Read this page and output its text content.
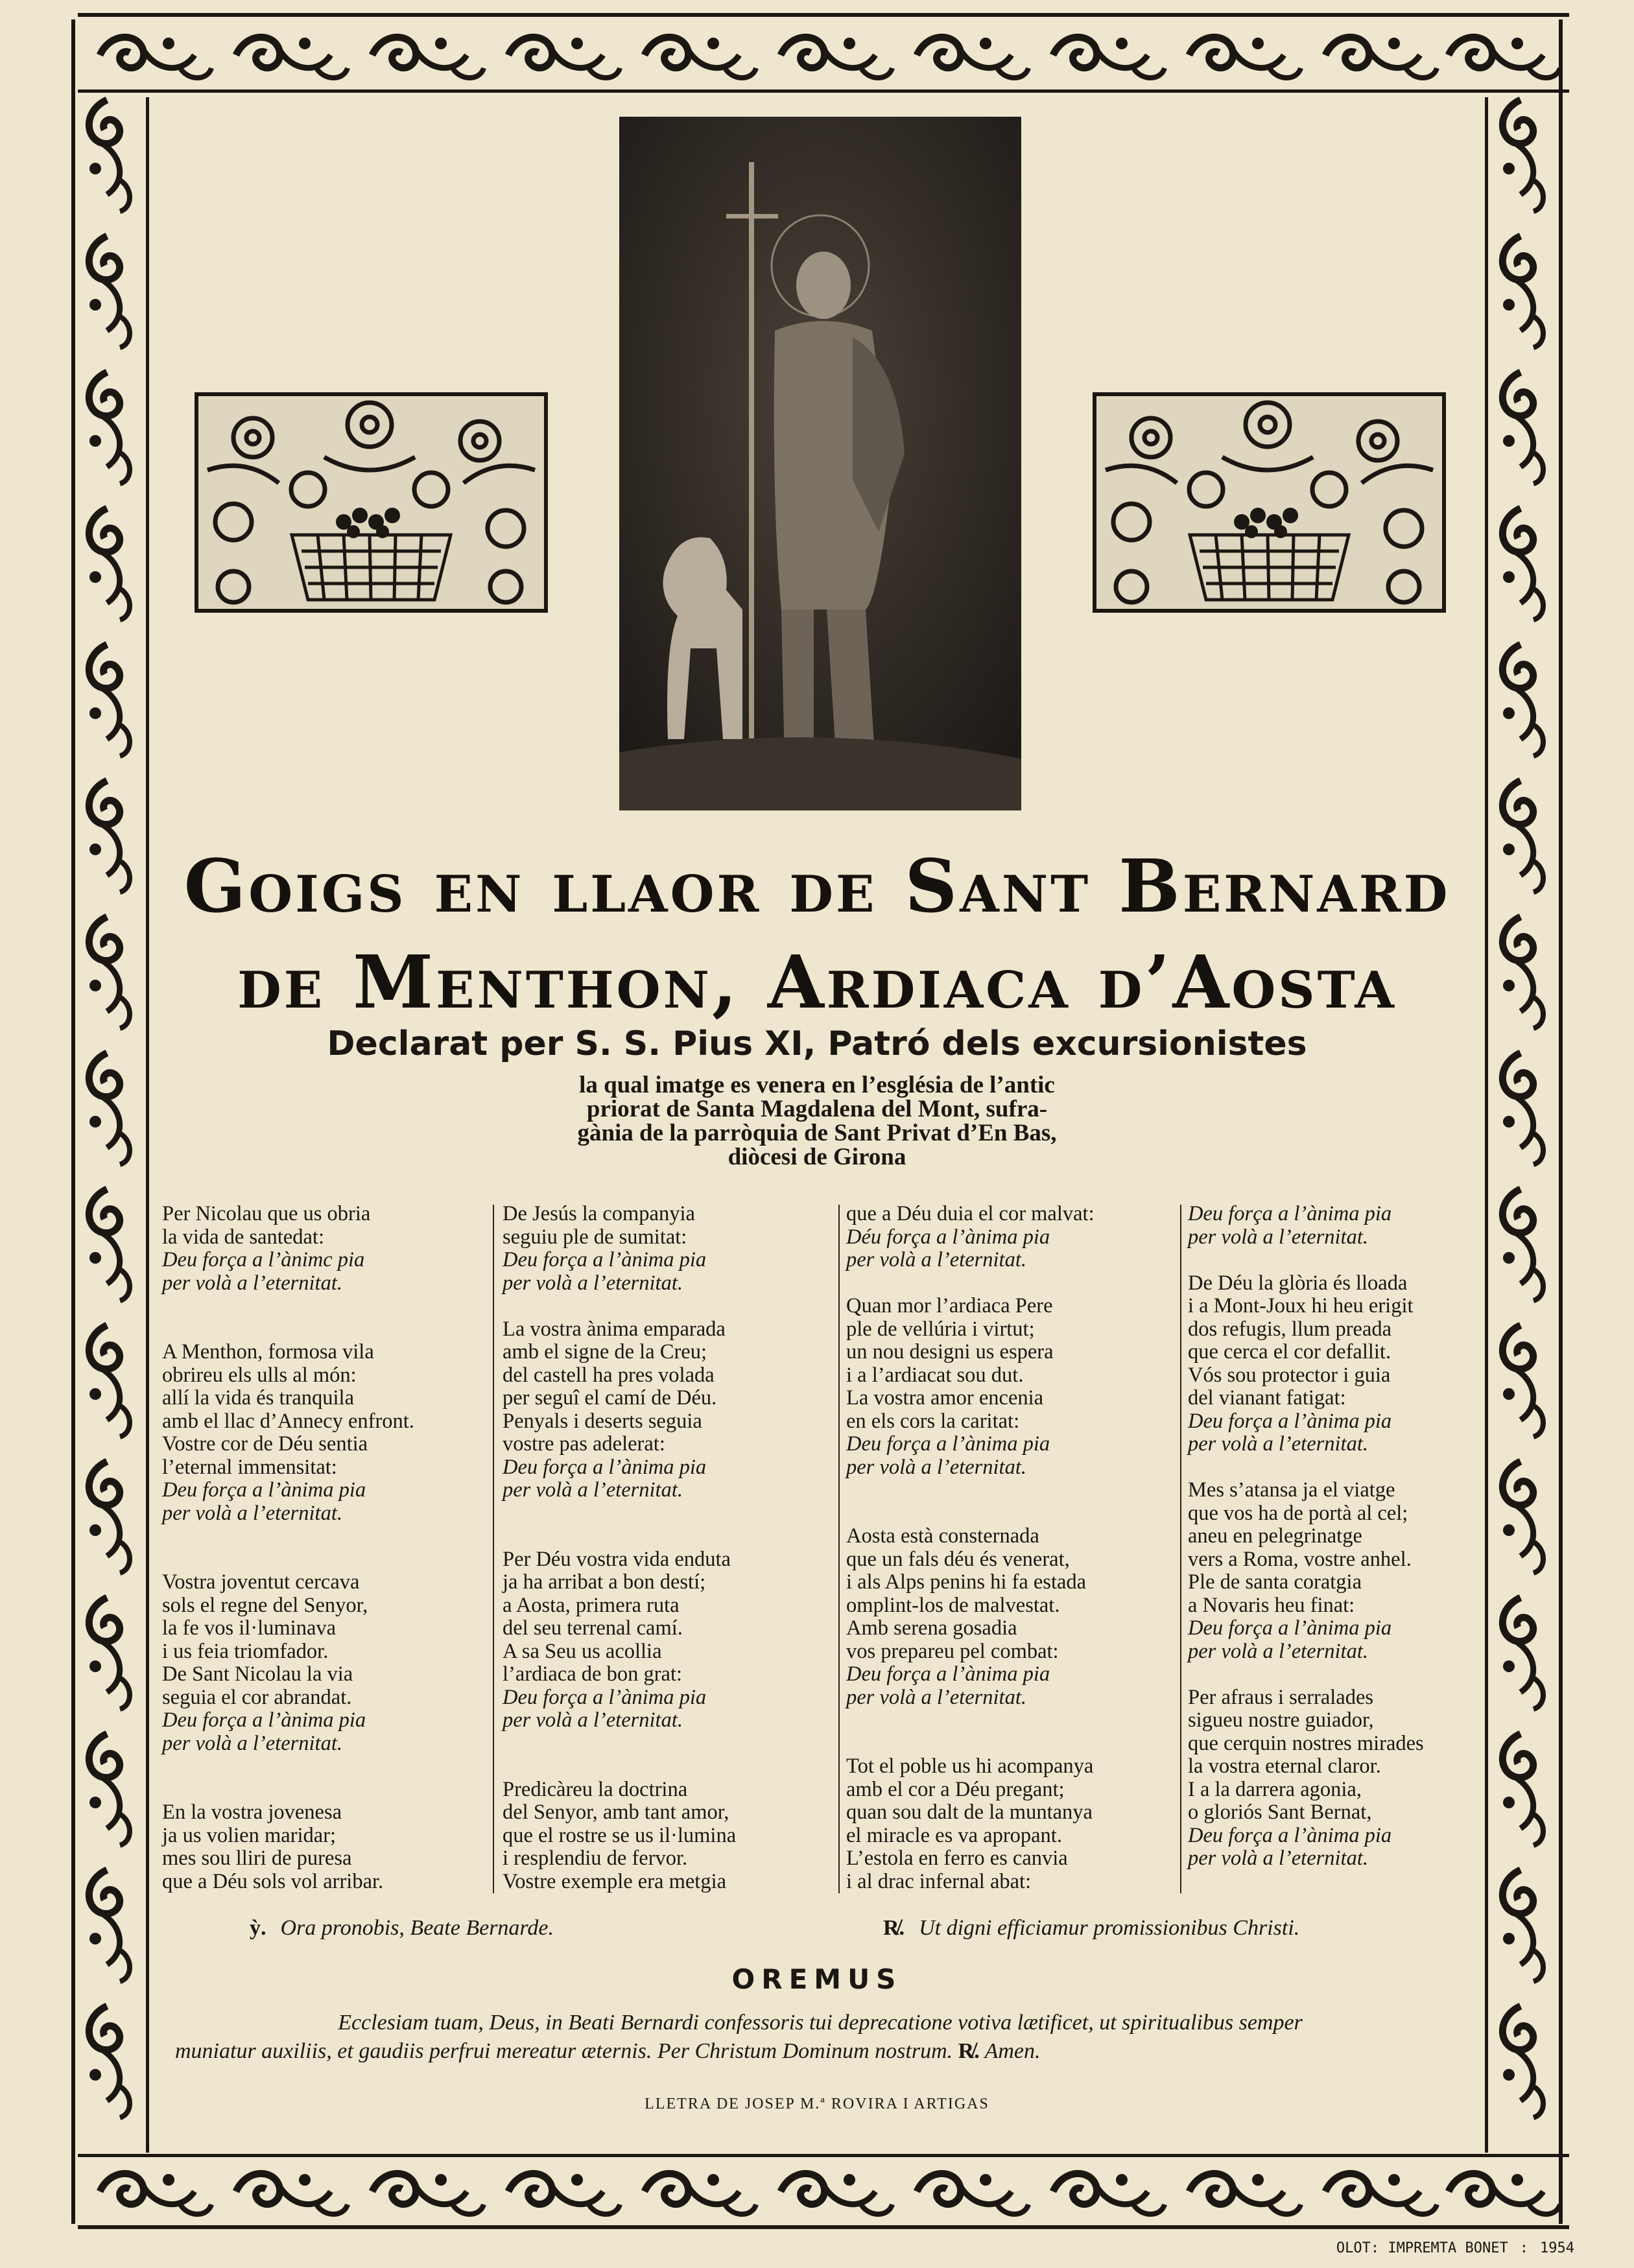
Goigs en llaor de Sant Bernard
de Menthon, Ardiaca d’Aosta
Declarat per S. S. Pius XI, Patró dels excursionistes
la qual imatge es venera en l’església de l’antic
priorat de Santa Magdalena del Mont, sufra-
gània de la parròquia de Sant Privat d’En Bas,
diòcesi de Girona
Per Nicolau que us obria
la vida de santedat:
Deu força a l’ànimc pia
per volà a l’eternitat.
A Menthon, formosa vila
obrireu els ulls al món:
allí la vida és tranquila
amb el llac d’Annecy enfront.
Vostre cor de Déu sentia
l’eternal immensitat:
Deu força a l’ànima pia
per volà a l’eternitat.
Vostra joventut cercava
sols el regne del Senyor,
la fe vos il·luminava
i us feia triomfador.
De Sant Nicolau la via
seguia el cor abrandat.
Deu força a l’ànima pia
per volà a l’eternitat.
En la vostra jovenesa
ja us volien maridar;
mes sou lliri de puresa
que a Déu sols vol arribar.
De Jesús la companyia
seguiu ple de sumitat:
Deu força a l’ànima pia
per volà a l’eternitat.
La vostra ànima emparada
amb el signe de la Creu;
del castell ha pres volada
per seguî el camí de Déu.
Penyals i deserts seguia
vostre pas adelerat:
Deu força a l’ànima pia
per volà a l’eternitat.
Per Déu vostra vida enduta
ja ha arribat a bon destí;
a Aosta, primera ruta
del seu terrenal camí.
A sa Seu us acollia
l’ardiaca de bon grat:
Deu força a l’ànima pia
per volà a l’eternitat.
Predicàreu la doctrina
del Senyor, amb tant amor,
que el rostre se us il·lumina
i resplendiu de fervor.
Vostre exemple era metgia
que a Déu duia el cor malvat:
Déu força a l’ànima pia
per volà a l’eternitat.
Quan mor l’ardiaca Pere
ple de vellúria i virtut;
un nou designi us espera
i a l’ardiacat sou dut.
La vostra amor encenia
en els cors la caritat:
Deu força a l’ànima pia
per volà a l’eternitat.
Aosta està consternada
que un fals déu és venerat,
i als Alps penins hi fa estada
omplint-los de malvestat.
Amb serena gosadia
vos prepareu pel combat:
Deu força a l’ànima pia
per volà a l’eternitat.
Tot el poble us hi acompanya
amb el cor a Déu pregant;
quan sou dalt de la muntanya
el miracle es va apropant.
L’estola en ferro es canvia
i al drac infernal abat:
Deu força a l’ànima pia
per volà a l’eternitat.
De Déu la glòria és lloada
i a Mont-Joux hi heu erigit
dos refugis, llum preada
que cerca el cor defallit.
Vós sou protector i guia
del vianant fatigat:
Deu força a l’ànima pia
per volà a l’eternitat.
Mes s’atansa ja el viatge
que vos ha de portà al cel;
aneu en pelegrinatge
vers a Roma, vostre anhel.
Ple de santa coratgia
a Novaris heu finat:
Deu força a l’ànima pia
per volà a l’eternitat.
Per afraus i serralades
sigueu nostre guiador,
que cerquin nostres mirades
la vostra eternal claror.
I a la darrera agonia,
o gloriós Sant Bernat,
Deu força a l’ànima pia
per volà a l’eternitat.
ỳ. Ora pronobis, Beate Bernarde.	R̸. Ut digni efficiamur promissionibus Christi.
OREMUS
Ecclesiam tuam, Deus, in Beati Bernardi confessoris tui deprecatione votiva lætificet, ut spiritualibus semper
muniatur auxiliis, et gaudiis perfrui mereatur æternis. Per Christum Dominum nostrum. R̸. Amen.
LLETRA DE JOSEP M.ª ROVIRA I ARTIGAS
OLOT: IMPREMTA BONET : 1954
